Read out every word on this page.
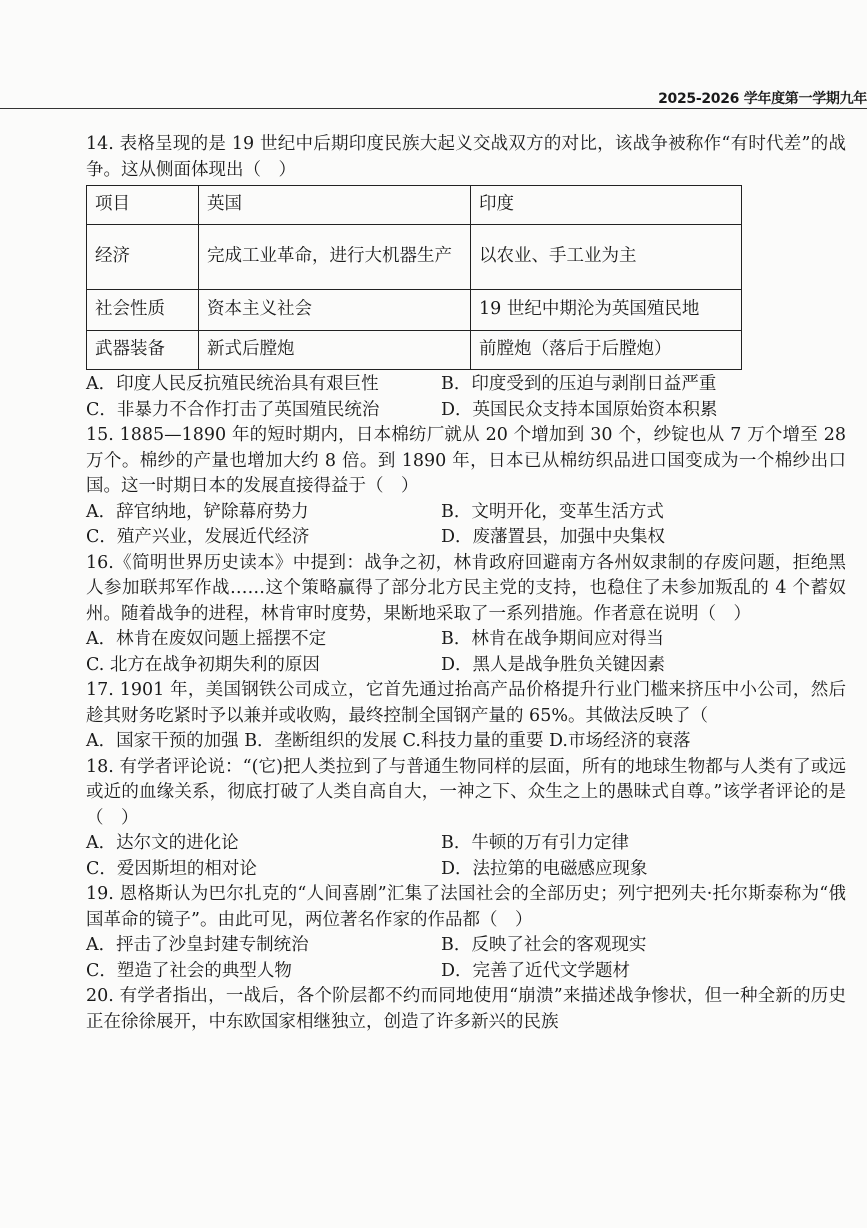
2025-2026 学年度第一学期九年

14. 表格呈现的是 19 世纪中后期印度民族大起义交战双方的对比，该战争被称作“有时代差”的战争。这从侧面体现出（　）

项目	英国	印度
经济	完成工业革命，进行大机器生产	以农业、手工业为主
社会性质	资本主义社会	19 世纪中期沦为英国殖民地
武器装备	新式后膛炮	前膛炮（落后于后膛炮）
A．印度人民反抗殖民统治具有艰巨性	B．印度受到的压迫与剥削日益严重
C．非暴力不合作打击了英国殖民统治	D．英国民众支持本国原始资本积累

15. 1885—1890 年的短时期内，日本棉纺厂就从 20 个增加到 30 个，纱锭也从 7 万个增至 28 万个。棉纱的产量也增加大约 8 倍。到 1890 年，日本已从棉纺织品进口国变成为一个棉纱出口国。这一时期日本的发展直接得益于（　）

A．辞官纳地，铲除幕府势力	B．文明开化，变革生活方式
C．殖产兴业，发展近代经济	D．废藩置县，加强中央集权

16.《简明世界历史读本》中提到：战争之初，林肯政府回避南方各州奴隶制的存废问题，拒绝黑人参加联邦军作战……这个策略赢得了部分北方民主党的支持，也稳住了未参加叛乱的 4 个蓄奴州。随着战争的进程，林肯审时度势，果断地采取了一系列措施。作者意在说明（　）

A．林肯在废奴问题上摇摆不定	B．林肯在战争期间应对得当
C. 北方在战争初期失利的原因	D．黑人是战争胜负关键因素

17. 1901 年，美国钢铁公司成立，它首先通过抬高产品价格提升行业门槛来挤压中小公司，然后趁其财务吃紧时予以兼并或收购，最终控制全国钢产量的 65%。其做法反映了（

A．国家干预的加强 B．垄断组织的发展 C.科技力量的重要 D.市场经济的衰落

18. 有学者评论说：“(它)把人类拉到了与普通生物同样的层面，所有的地球生物都与人类有了或远或近的血缘关系，彻底打破了人类自高自大，一神之下、众生之上的愚昧式自尊。”该学者评论的是（　）

A．达尔文的进化论	B．牛顿的万有引力定律
C．爱因斯坦的相对论	D．法拉第的电磁感应现象

19. 恩格斯认为巴尔扎克的“人间喜剧”汇集了法国社会的全部历史；列宁把列夫·托尔斯泰称为“俄国革命的镜子”。由此可见，两位著名作家的作品都（　）

A．抨击了沙皇封建专制统治	B．反映了社会的客观现实
C．塑造了社会的典型人物	D．完善了近代文学题材

20. 有学者指出，一战后，各个阶层都不约而同地使用“崩溃”来描述战争惨状，但一种全新的历史正在徐徐展开，中东欧国家相继独立，创造了许多新兴的民族
